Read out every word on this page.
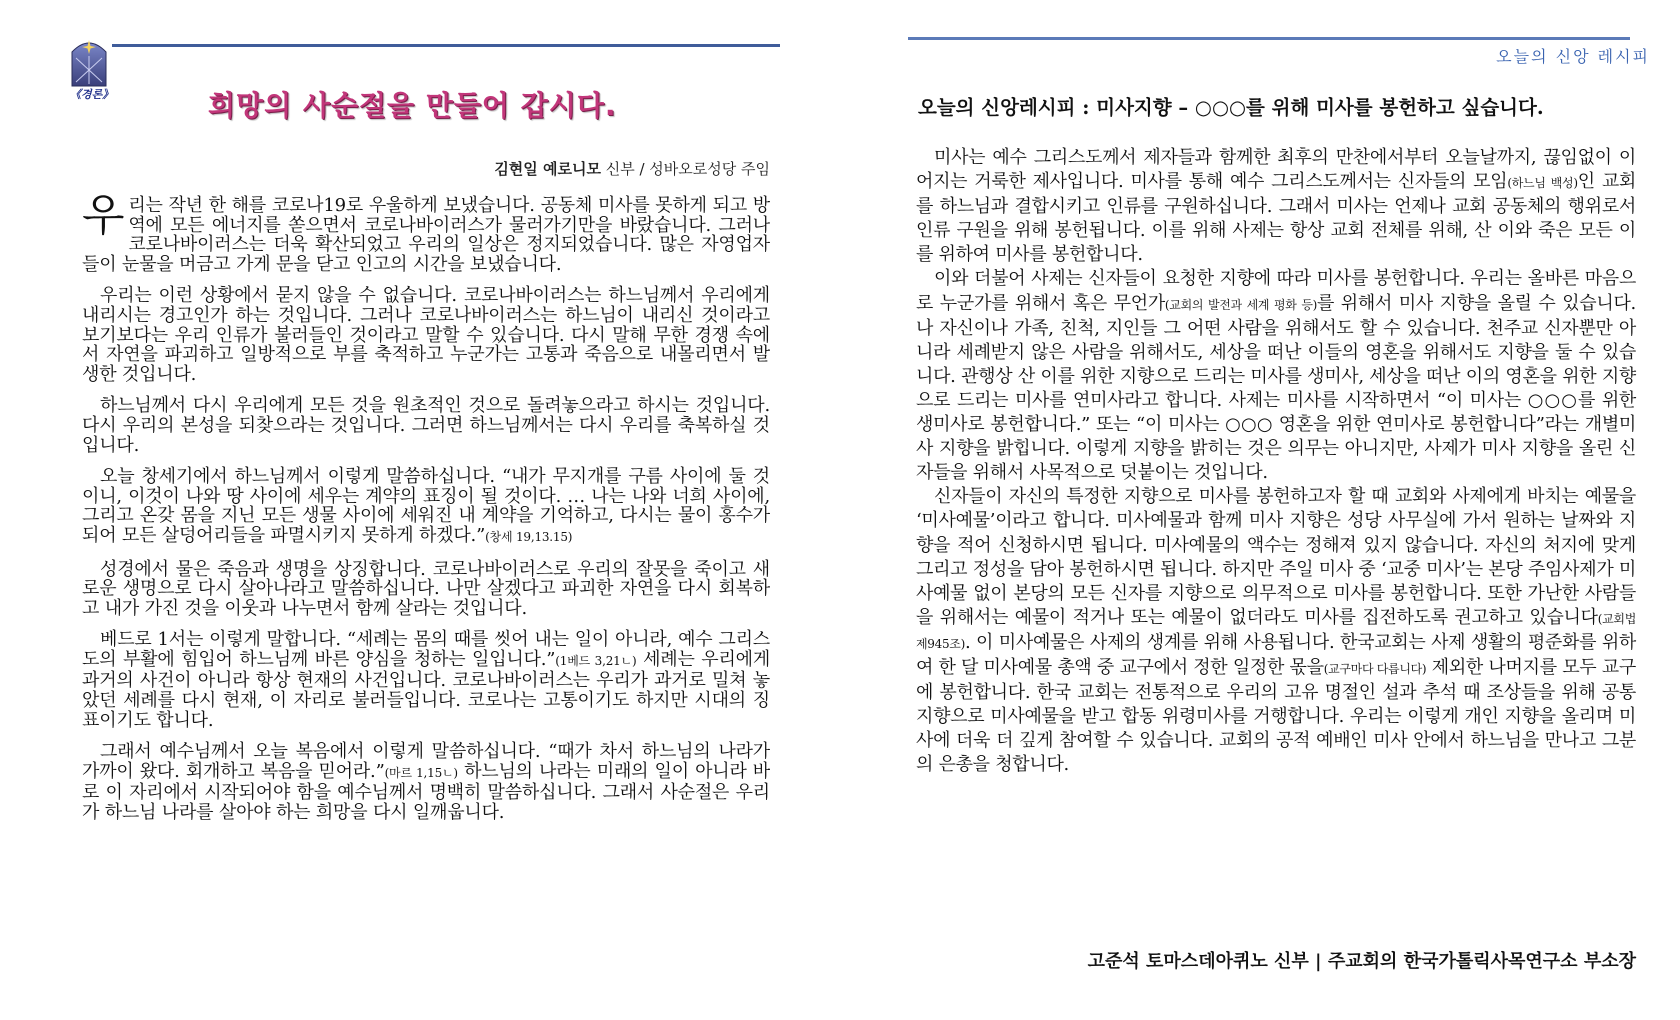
《경론》	희망의 사순절을 만들어 갑시다.
김현일 예로니모 신부 / 성바오로성당 주임

우리는 작년 한 해를 코로나19로 우울하게 보냈습니다. 공동체 미사를 못하게 되고 방역에 모든 에너지를 쏟으면서 코로나바이러스가 물러가기만을 바랐습니다. 그러나 코로나바이러스는 더욱 확산되었고 우리의 일상은 정지되었습니다. 많은 자영업자들이 눈물을 머금고 가게 문을 닫고 인고의 시간을 보냈습니다.

우리는 이런 상황에서 묻지 않을 수 없습니다. 코로나바이러스는 하느님께서 우리에게 내리시는 경고인가 하는 것입니다. 그러나 코로나바이러스는 하느님이 내리신 것이라고 보기보다는 우리 인류가 불러들인 것이라고 말할 수 있습니다. 다시 말해 무한 경쟁 속에서 자연을 파괴하고 일방적으로 부를 축적하고 누군가는 고통과 죽음으로 내몰리면서 발생한 것입니다.

하느님께서 다시 우리에게 모든 것을 원초적인 것으로 돌려놓으라고 하시는 것입니다. 다시 우리의 본성을 되찾으라는 것입니다. 그러면 하느님께서는 다시 우리를 축복하실 것입니다.

오늘 창세기에서 하느님께서 이렇게 말씀하십니다. “내가 무지개를 구름 사이에 둘 것이니, 이것이 나와 땅 사이에 세우는 계약의 표징이 될 것이다. … 나는 나와 너희 사이에, 그리고 온갖 몸을 지닌 모든 생물 사이에 세워진 내 계약을 기억하고, 다시는 물이 홍수가 되어 모든 살덩어리들을 파멸시키지 못하게 하겠다.”(창세 19,13.15)

성경에서 물은 죽음과 생명을 상징합니다. 코로나바이러스로 우리의 잘못을 죽이고 새로운 생명으로 다시 살아나라고 말씀하십니다. 나만 살겠다고 파괴한 자연을 다시 회복하고 내가 가진 것을 이웃과 나누면서 함께 살라는 것입니다.

베드로 1서는 이렇게 말합니다. “세례는 몸의 때를 씻어 내는 일이 아니라, 예수 그리스도의 부활에 힘입어 하느님께 바른 양심을 청하는 일입니다.”(1베드 3,21ㄴ) 세례는 우리에게 과거의 사건이 아니라 항상 현재의 사건입니다. 코로나바이러스는 우리가 과거로 밀쳐 놓았던 세례를 다시 현재, 이 자리로 불러들입니다. 코로나는 고통이기도 하지만 시대의 징표이기도 합니다.

그래서 예수님께서 오늘 복음에서 이렇게 말씀하십니다. “때가 차서 하느님의 나라가 가까이 왔다. 회개하고 복음을 믿어라.”(마르 1,15ㄴ) 하느님의 나라는 미래의 일이 아니라 바로 이 자리에서 시작되어야 함을 예수님께서 명백히 말씀하십니다. 그래서 사순절은 우리가 하느님 나라를 살아야 하는 희망을 다시 일깨웁니다.

오늘의 신앙 레시피
오늘의 신앙레시피 : 미사지향 – ○○○를 위해 미사를 봉헌하고 싶습니다.

미사는 예수 그리스도께서 제자들과 함께한 최후의 만찬에서부터 오늘날까지, 끊임없이 이어지는 거룩한 제사입니다. 미사를 통해 예수 그리스도께서는 신자들의 모임(하느님 백성)인 교회를 하느님과 결합시키고 인류를 구원하십니다. 그래서 미사는 언제나 교회 공동체의 행위로서 인류 구원을 위해 봉헌됩니다. 이를 위해 사제는 항상 교회 전체를 위해, 산 이와 죽은 모든 이를 위하여 미사를 봉헌합니다.

이와 더불어 사제는 신자들이 요청한 지향에 따라 미사를 봉헌합니다. 우리는 올바른 마음으로 누군가를 위해서 혹은 무언가(교회의 발전과 세계 평화 등)를 위해서 미사 지향을 올릴 수 있습니다. 나 자신이나 가족, 친척, 지인들 그 어떤 사람을 위해서도 할 수 있습니다. 천주교 신자뿐만 아니라 세례받지 않은 사람을 위해서도, 세상을 떠난 이들의 영혼을 위해서도 지향을 둘 수 있습니다. 관행상 산 이를 위한 지향으로 드리는 미사를 생미사, 세상을 떠난 이의 영혼을 위한 지향으로 드리는 미사를 연미사라고 합니다. 사제는 미사를 시작하면서 “이 미사는 ○○○를 위한 생미사로 봉헌합니다.” 또는 “이 미사는 ○○○ 영혼을 위한 연미사로 봉헌합니다”라는 개별미사 지향을 밝힙니다. 이렇게 지향을 밝히는 것은 의무는 아니지만, 사제가 미사 지향을 올린 신자들을 위해서 사목적으로 덧붙이는 것입니다.

신자들이 자신의 특정한 지향으로 미사를 봉헌하고자 할 때 교회와 사제에게 바치는 예물을 ‘미사예물’이라고 합니다. 미사예물과 함께 미사 지향은 성당 사무실에 가서 원하는 날짜와 지향을 적어 신청하시면 됩니다. 미사예물의 액수는 정해져 있지 않습니다. 자신의 처지에 맞게 그리고 정성을 담아 봉헌하시면 됩니다. 하지만 주일 미사 중 ‘교중 미사’는 본당 주임사제가 미사예물 없이 본당의 모든 신자를 지향으로 의무적으로 미사를 봉헌합니다. 또한 가난한 사람들을 위해서는 예물이 적거나 또는 예물이 없더라도 미사를 집전하도록 권고하고 있습니다(교회법 제945조). 이 미사예물은 사제의 생계를 위해 사용됩니다. 한국교회는 사제 생활의 평준화를 위하여 한 달 미사예물 총액 중 교구에서 정한 일정한 몫을(교구마다 다릅니다) 제외한 나머지를 모두 교구에 봉헌합니다. 한국 교회는 전통적으로 우리의 고유 명절인 설과 추석 때 조상들을 위해 공통 지향으로 미사예물을 받고 합동 위령미사를 거행합니다. 우리는 이렇게 개인 지향을 올리며 미사에 더욱 더 깊게 참여할 수 있습니다. 교회의 공적 예배인 미사 안에서 하느님을 만나고 그분의 은총을 청합니다.

고준석 토마스데아퀴노 신부 | 주교회의 한국가톨릭사목연구소 부소장
